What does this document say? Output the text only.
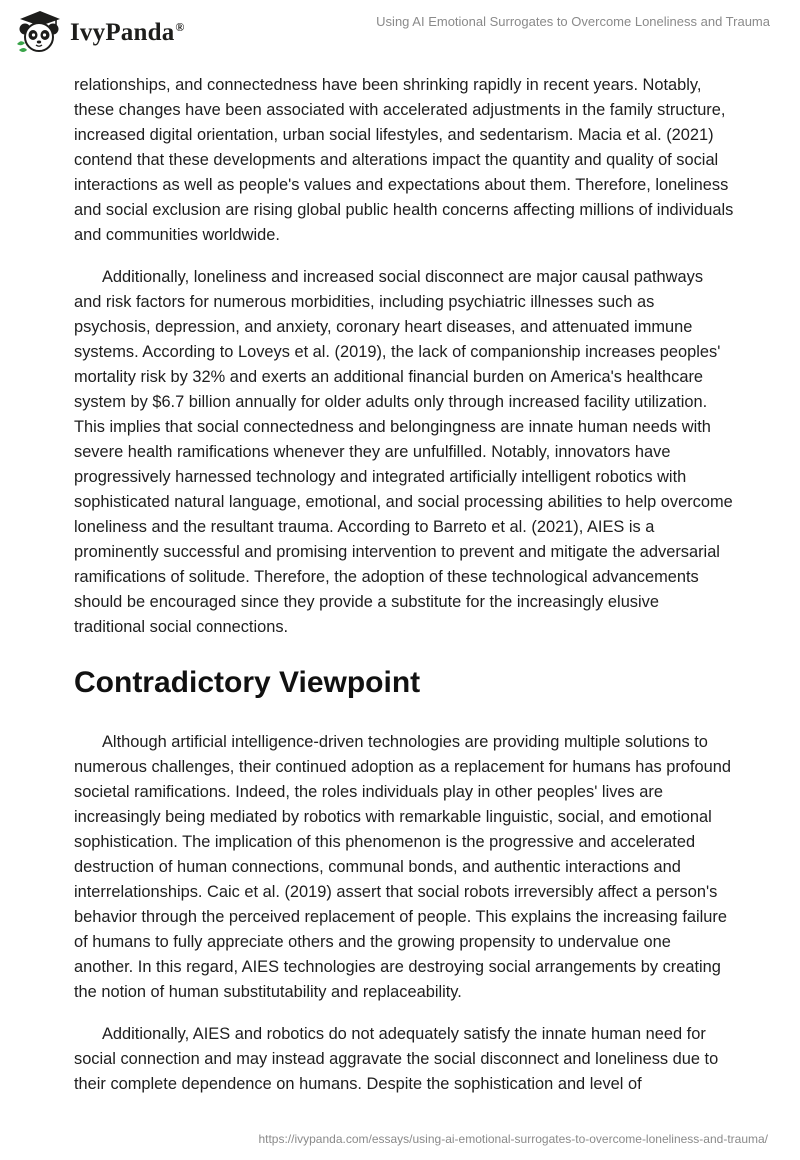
IvyPanda®	Using AI Emotional Surrogates to Overcome Loneliness and Trauma

relationships, and connectedness have been shrinking rapidly in recent years. Notably, these changes have been associated with accelerated adjustments in the family structure, increased digital orientation, urban social lifestyles, and sedentarism. Macia et al. (2021) contend that these developments and alterations impact the quantity and quality of social interactions as well as people's values and expectations about them. Therefore, loneliness and social exclusion are rising global public health concerns affecting millions of individuals and communities worldwide.

Additionally, loneliness and increased social disconnect are major causal pathways and risk factors for numerous morbidities, including psychiatric illnesses such as psychosis, depression, and anxiety, coronary heart diseases, and attenuated immune systems. According to Loveys et al. (2019), the lack of companionship increases peoples' mortality risk by 32% and exerts an additional financial burden on America's healthcare system by $6.7 billion annually for older adults only through increased facility utilization. This implies that social connectedness and belongingness are innate human needs with severe health ramifications whenever they are unfulfilled. Notably, innovators have progressively harnessed technology and integrated artificially intelligent robotics with sophisticated natural language, emotional, and social processing abilities to help overcome loneliness and the resultant trauma. According to Barreto et al. (2021), AIES is a prominently successful and promising intervention to prevent and mitigate the adversarial ramifications of solitude. Therefore, the adoption of these technological advancements should be encouraged since they provide a substitute for the increasingly elusive traditional social connections.

Contradictory Viewpoint

Although artificial intelligence-driven technologies are providing multiple solutions to numerous challenges, their continued adoption as a replacement for humans has profound societal ramifications. Indeed, the roles individuals play in other peoples' lives are increasingly being mediated by robotics with remarkable linguistic, social, and emotional sophistication. The implication of this phenomenon is the progressive and accelerated destruction of human connections, communal bonds, and authentic interactions and interrelationships. Caic et al. (2019) assert that social robots irreversibly affect a person's behavior through the perceived replacement of people. This explains the increasing failure of humans to fully appreciate others and the growing propensity to undervalue one another. In this regard, AIES technologies are destroying social arrangements by creating the notion of human substitutability and replaceability.

Additionally, AIES and robotics do not adequately satisfy the innate human need for social connection and may instead aggravate the social disconnect and loneliness due to their complete dependence on humans. Despite the sophistication and level of

https://ivypanda.com/essays/using-ai-emotional-surrogates-to-overcome-loneliness-and-trauma/
